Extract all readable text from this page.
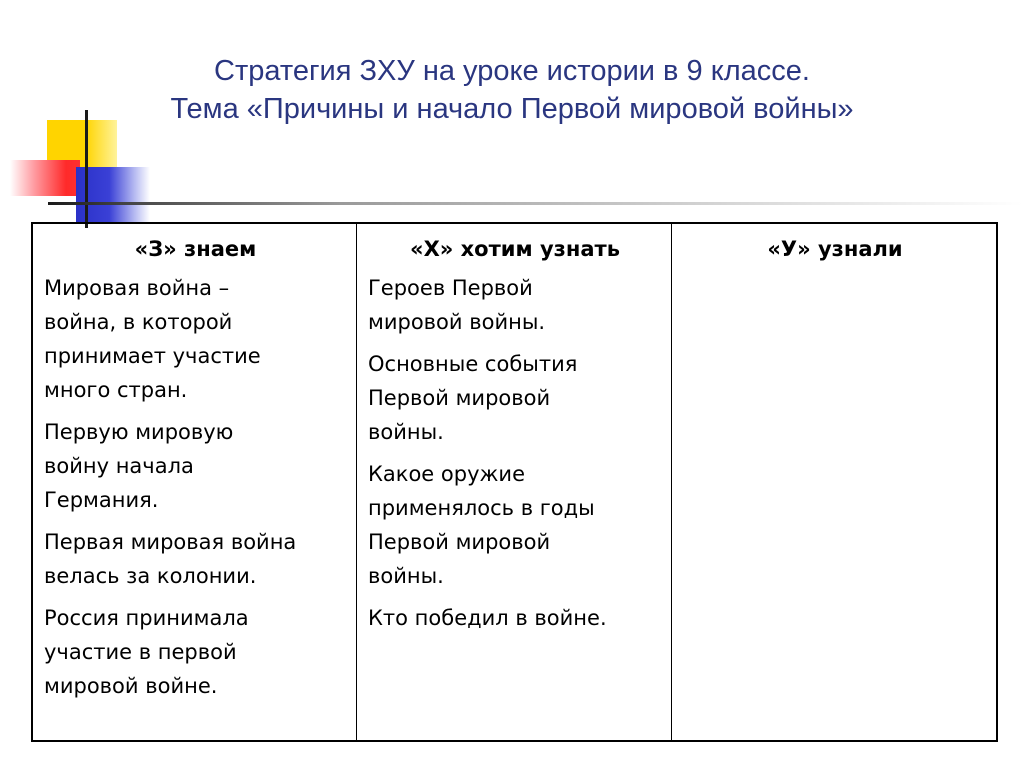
Стратегия ЗХУ на уроке истории в 9 классе.
Тема «Причины и начало Первой мировой войны»
«З» знаем

Мировая война –
война, в которой
принимает участие
много стран.

Первую мировую
войну начала
Германия.

Первая мировая война
велась за колонии.

Россия принимала
участие в первой
мировой войне.

«Х» хотим узнать

Героев Первой
мировой войны.

Основные события
Первой мировой
войны.

Какое оружие
применялось в годы
Первой мировой
войны.

Кто победил в войне.

«У» узнали
